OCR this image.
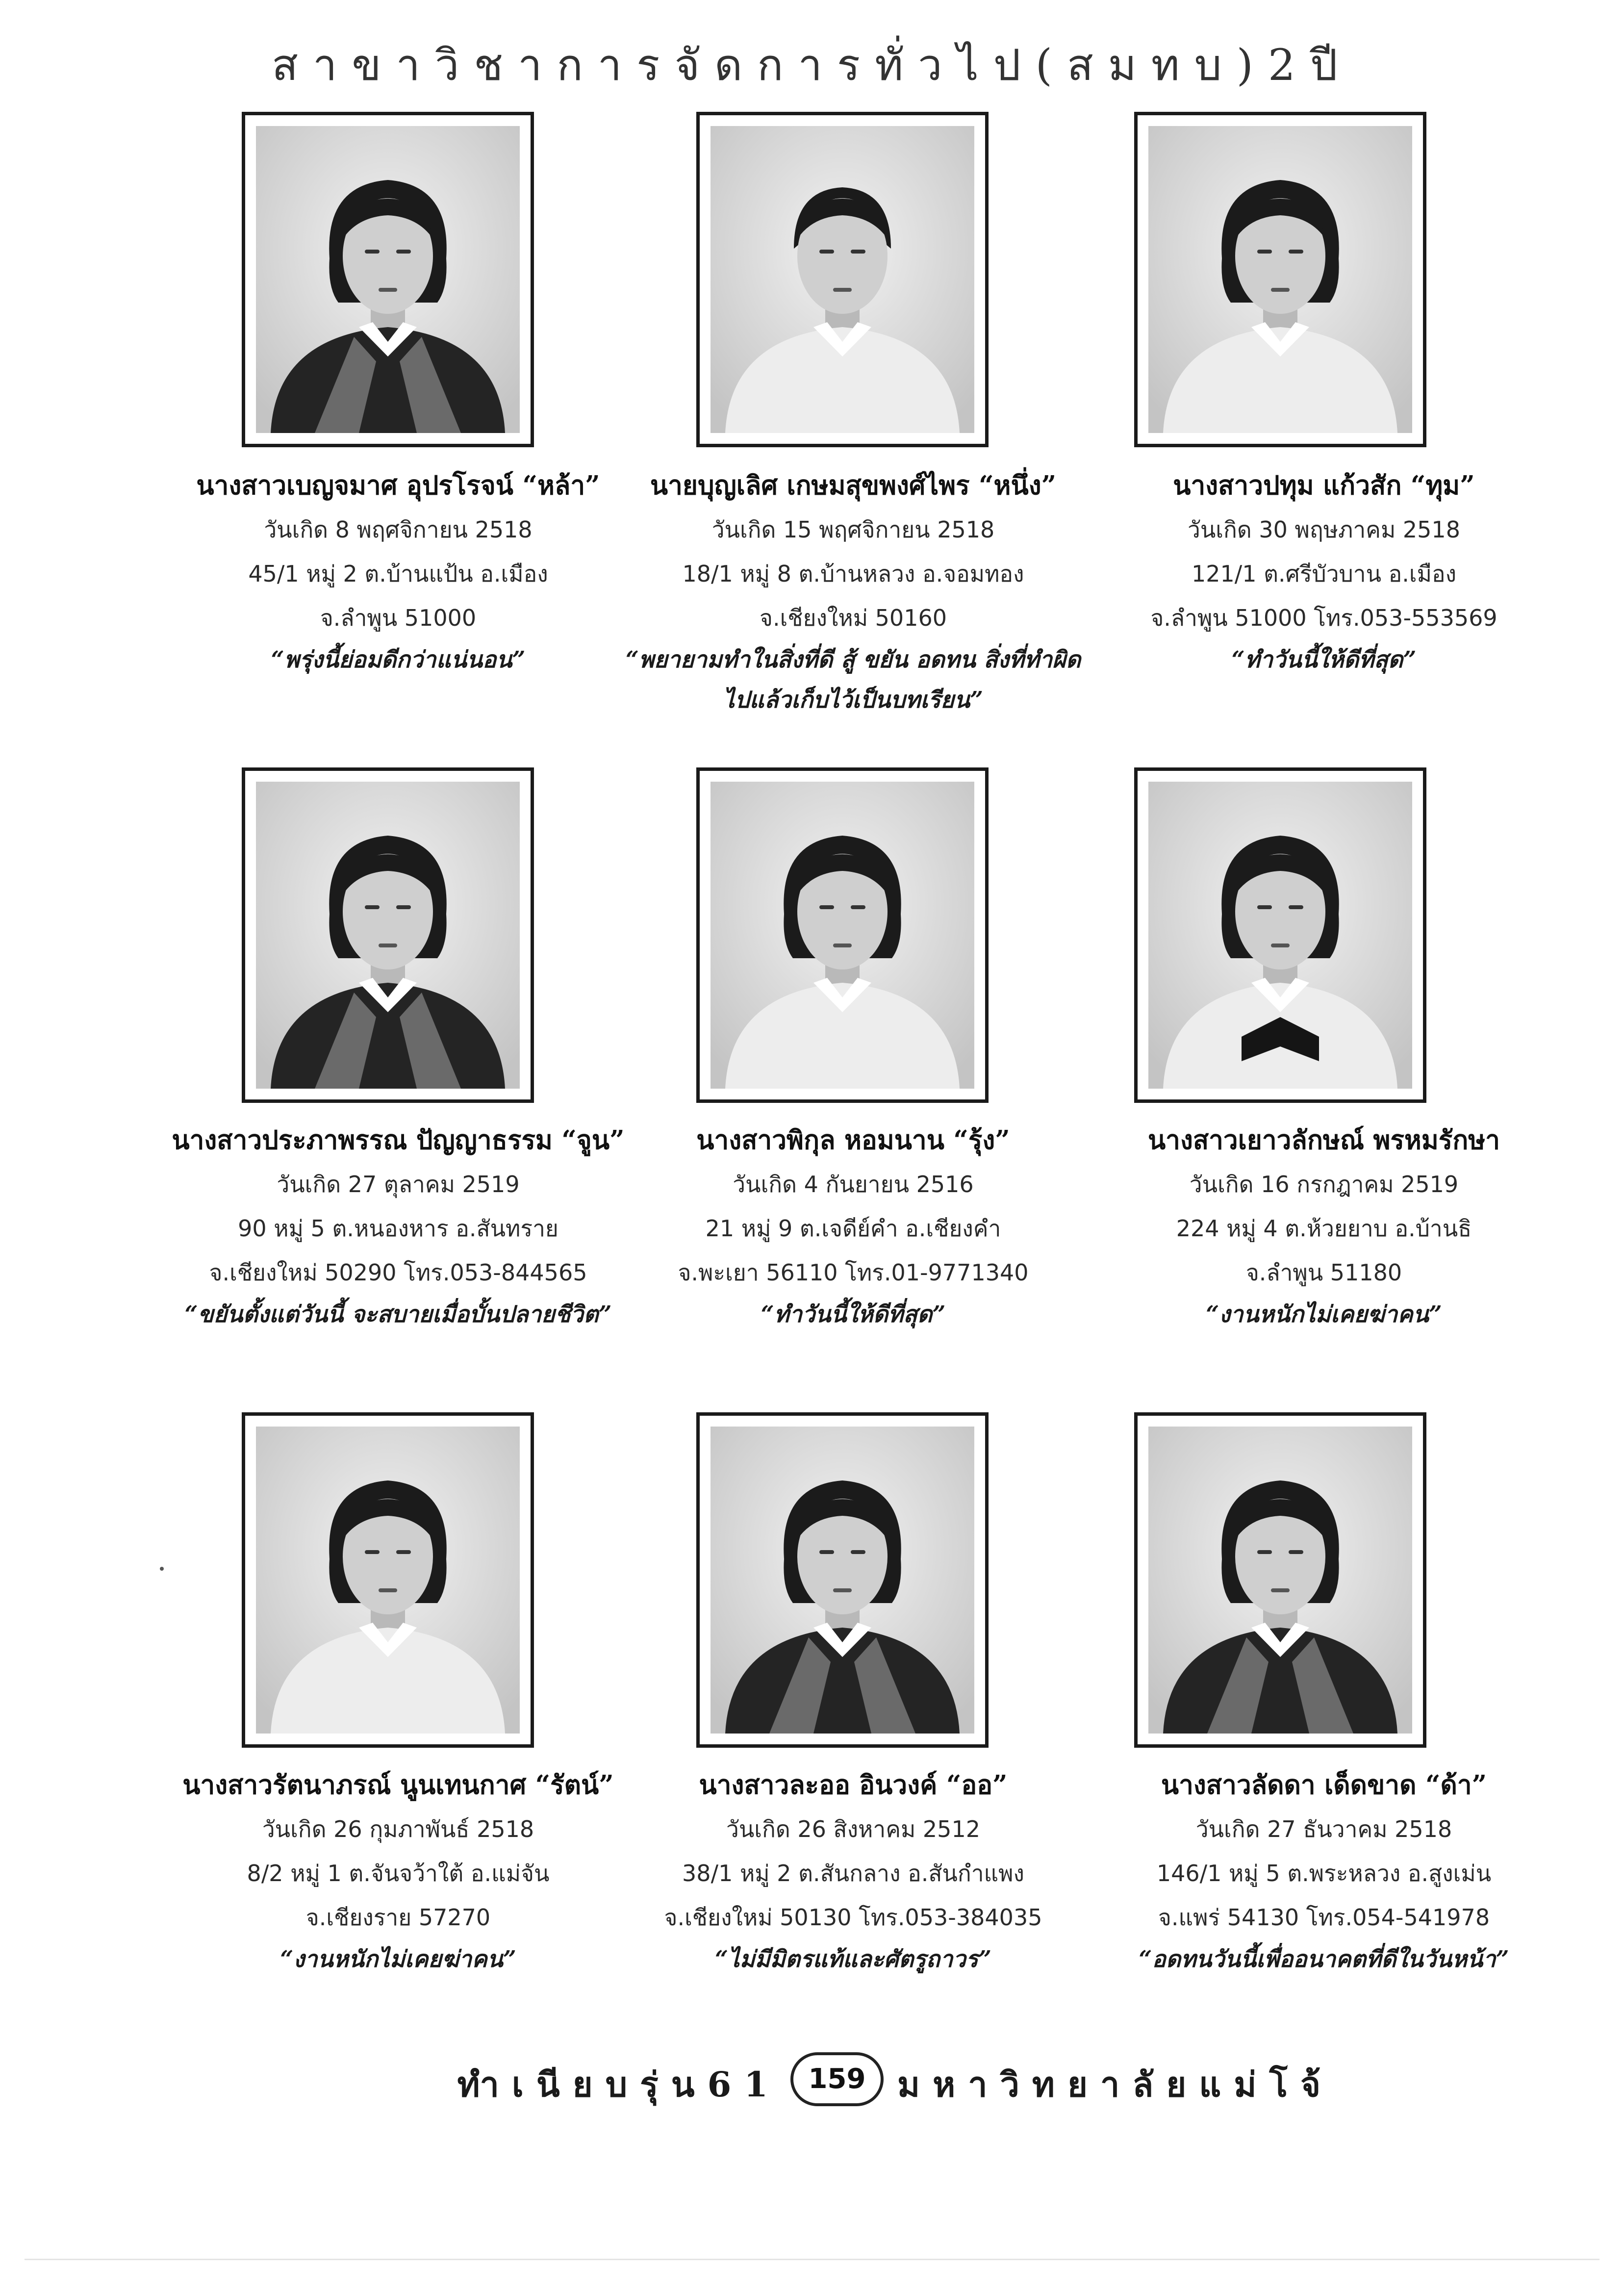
สาขาวิชาการจัดการทั่วไป(สมทบ)2ปี
นางสาวเบญจมาศ อุปรโรจน์ “หล้า”
วันเกิด 8 พฤศจิกายน 2518
45/1 หมู่ 2 ต.บ้านแป้น อ.เมือง
จ.ลำพูน 51000
“พรุ่งนี้ย่อมดีกว่าแน่นอน”
นายบุญเลิศ เกษมสุขพงศ์ไพร “หนึ่ง”
วันเกิด 15 พฤศจิกายน 2518
18/1 หมู่ 8 ต.บ้านหลวง อ.จอมทอง
จ.เชียงใหม่ 50160
“พยายามทำในสิ่งที่ดี สู้ ขยัน อดทน สิ่งที่ทำผิดไปแล้วเก็บไว้เป็นบทเรียน”
นางสาวปทุม แก้วสัก “ทุม”
วันเกิด 30 พฤษภาคม 2518
121/1 ต.ศรีบัวบาน อ.เมือง
จ.ลำพูน 51000 โทร.053-553569
“ทำวันนี้ให้ดีที่สุด”
นางสาวประภาพรรณ ปัญญาธรรม “จูน”
วันเกิด 27 ตุลาคม 2519
90 หมู่ 5 ต.หนองหาร อ.สันทราย
จ.เชียงใหม่ 50290 โทร.053-844565
“ขยันตั้งแต่วันนี้ จะสบายเมื่อบั้นปลายชีวิต”
นางสาวพิกุล หอมนาน “รุ้ง”
วันเกิด 4 กันยายน 2516
21 หมู่ 9 ต.เจดีย์คำ อ.เชียงคำ
จ.พะเยา 56110 โทร.01-9771340
“ทำวันนี้ให้ดีที่สุด”
นางสาวเยาวลักษณ์ พรหมรักษา
วันเกิด 16 กรกฎาคม 2519
224 หมู่ 4 ต.ห้วยยาบ อ.บ้านธิ
จ.ลำพูน 51180
“งานหนักไม่เคยฆ่าคน”
นางสาวรัตนาภรณ์ นูนเทนกาศ “รัตน์”
วันเกิด 26 กุมภาพันธ์ 2518
8/2 หมู่ 1 ต.จันจว้าใต้ อ.แม่จัน
จ.เชียงราย 57270
“งานหนักไม่เคยฆ่าคน”
นางสาวละออ อินวงค์ “ออ”
วันเกิด 26 สิงหาคม 2512
38/1 หมู่ 2 ต.สันกลาง อ.สันกำแพง
จ.เชียงใหม่ 50130 โทร.053-384035
“ไม่มีมิตรแท้และศัตรูถาวร”
นางสาวลัดดา เด็ดขาด “ด้า”
วันเกิด 27 ธันวาคม 2518
146/1 หมู่ 5 ต.พระหลวง อ.สูงเม่น
จ.แพร่ 54130 โทร.054-541978
“อดทนวันนี้เพื่ออนาคตที่ดีในวันหน้า”
ทำเนียบรุ่น61	159 มหาวิทยาลัยแม่โจ้
